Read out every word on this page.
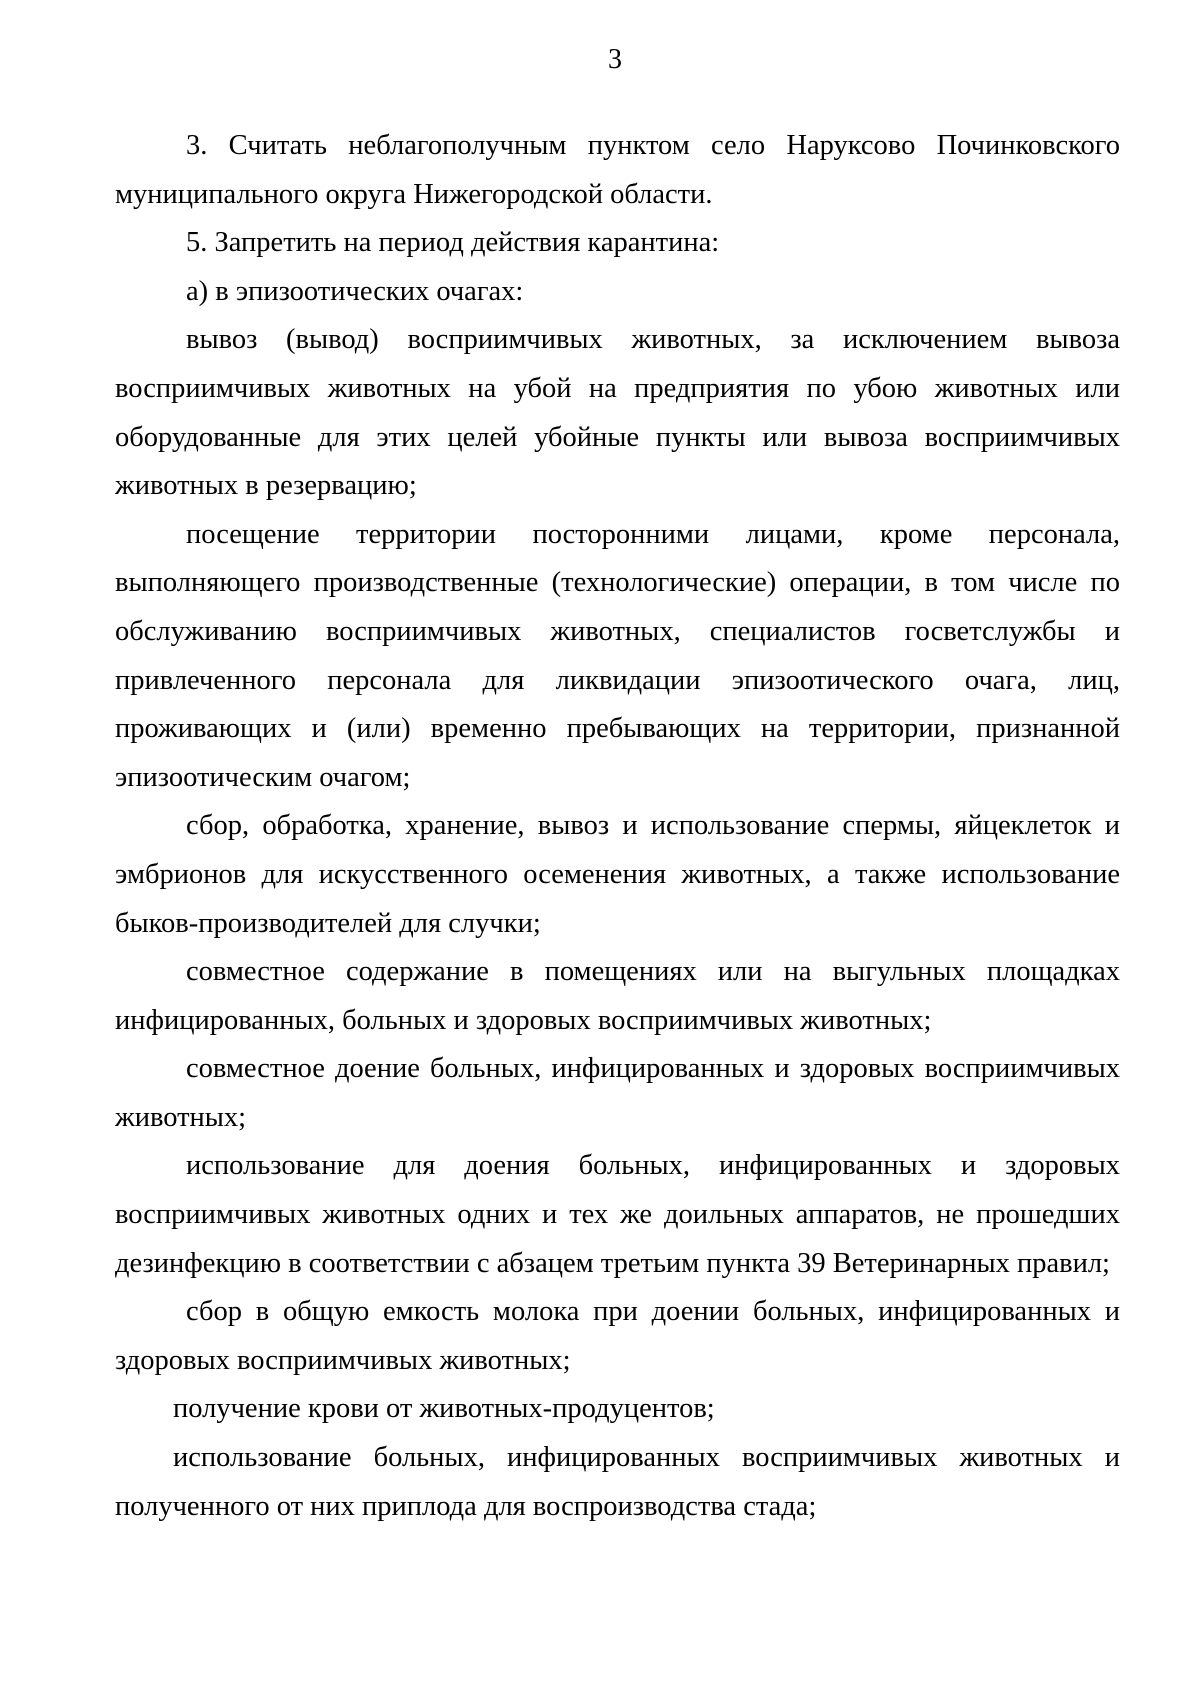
3

3. Считать неблагополучным пунктом село Наруксово Починковского муниципального округа Нижегородской области.

5. Запретить на период действия карантина:

а) в эпизоотических очагах:

вывоз (вывод) восприимчивых животных, за исключением вывоза восприимчивых животных на убой на предприятия по убою животных или оборудованные для этих целей убойные пункты или вывоза восприимчивых животных в резервацию;

посещение территории посторонними лицами, кроме персонала, выполняющего производственные (технологические) операции, в том числе по обслуживанию восприимчивых животных, специалистов госветслужбы и привлеченного персонала для ликвидации эпизоотического очага, лиц, проживающих и (или) временно пребывающих на территории, признанной эпизоотическим очагом;

сбор, обработка, хранение, вывоз и использование спермы, яйцеклеток и эмбрионов для искусственного осеменения животных, а также использование быков-производителей для случки;

совместное содержание в помещениях или на выгульных площадках инфицированных, больных и здоровых восприимчивых животных;

совместное доение больных, инфицированных и здоровых восприимчивых животных;

использование для доения больных, инфицированных и здоровых восприимчивых животных одних и тех же доильных аппаратов, не прошедших дезинфекцию в соответствии с абзацем третьим пункта 39 Ветеринарных правил;

сбор в общую емкость молока при доении больных, инфицированных и здоровых восприимчивых животных;

получение крови от животных-продуцентов;

использование больных, инфицированных восприимчивых животных и полученного от них приплода для воспроизводства стада;
